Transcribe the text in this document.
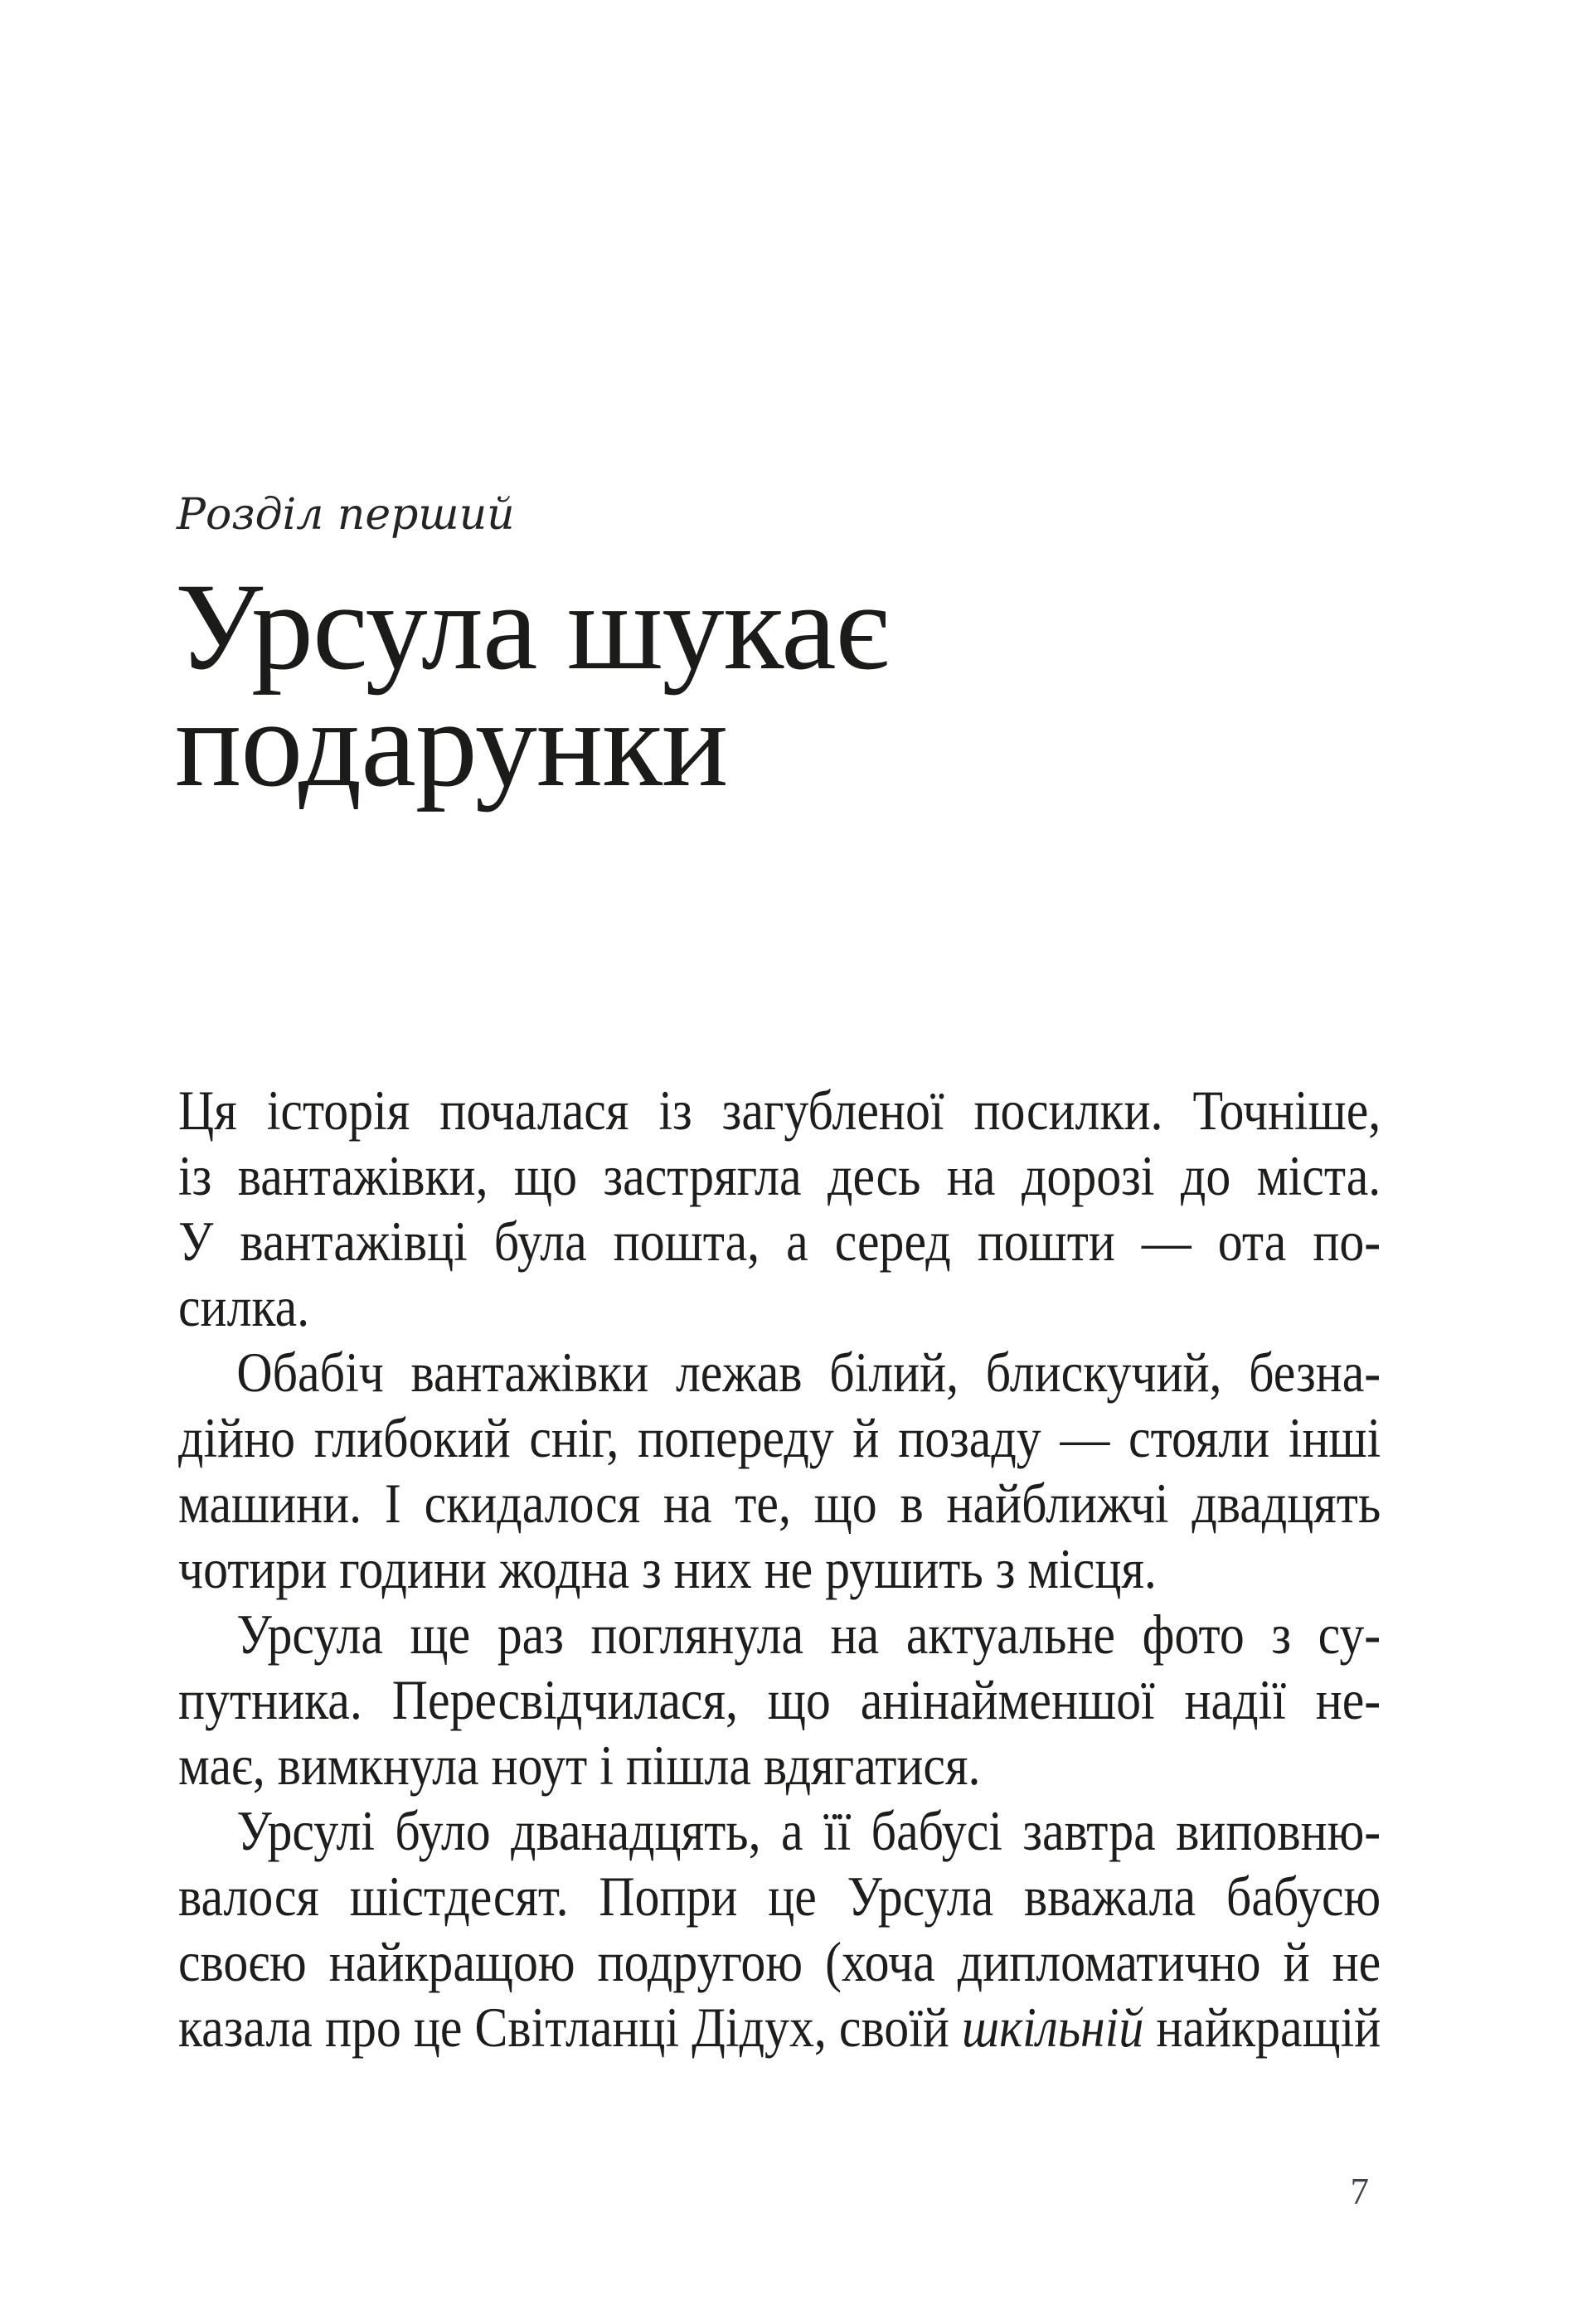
Розділ перший
Урсула шукає
подарунки
Ця історія почалася із загубленої посилки. Точніше,
із вантажівки, що застрягла десь на дорозі до міста.
У вантажівці була пошта, а серед пошти — ота по-
силка.
Обабіч вантажівки лежав білий, блискучий, безна-
дійно глибокий сніг, попереду й позаду — стояли інші
машини. І скидалося на те, що в найближчі двадцять
чотири години жодна з них не рушить з місця.
Урсула ще раз поглянула на актуальне фото з су-
путника. Пересвідчилася, що анінайменшої надії не-
має, вимкнула ноут і пішла вдягатися.
Урсулі було дванадцять, а її бабусі завтра виповню-
валося шістдесят. Попри це Урсула вважала бабусю
своєю найкращою подругою (хоча дипломатично й не
казала про це Світланці Дідух, своїй шкільній найкращій
7
